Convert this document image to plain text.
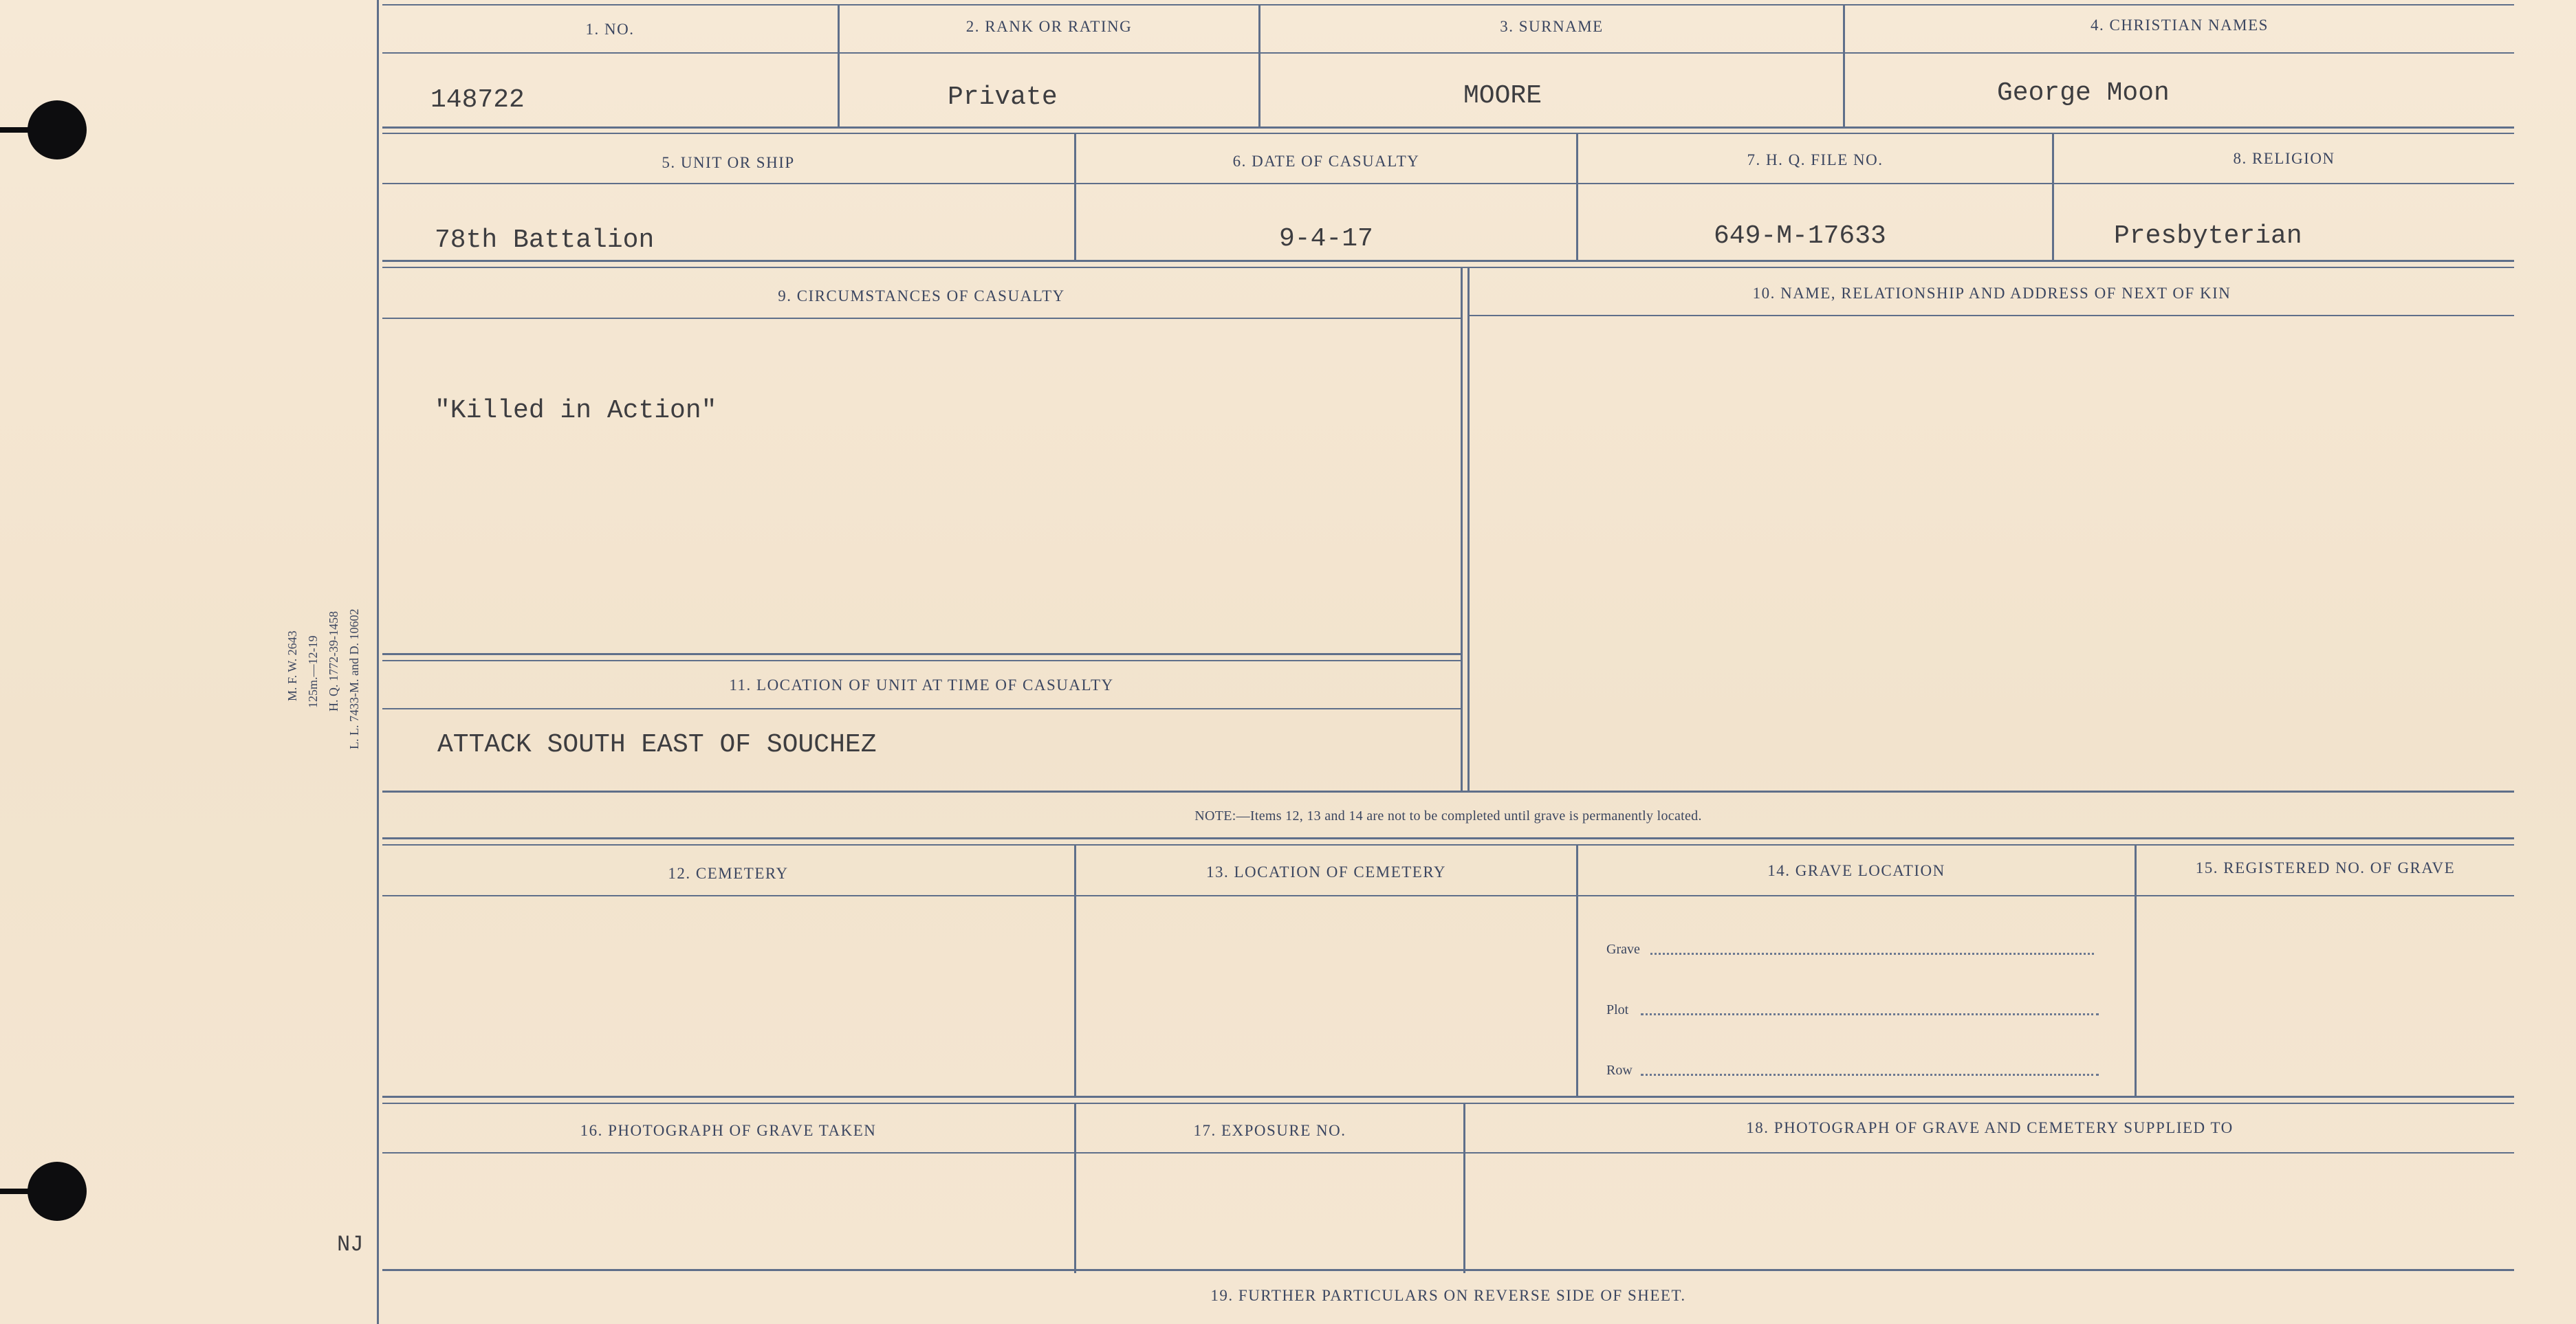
M. F. W. 2643 125m.—12-19 H. Q. 1772-39-1458 L. L. 7433-M. and D. 10602
NJ
1. NO.	2. RANK OR RATING	3. SURNAME	4. CHRISTIAN NAMES
148722	Private	MOORE	George Moon
5. UNIT OR SHIP	6. DATE OF CASUALTY	7. H. Q. FILE NO.	8. RELIGION
78th Battalion	9-4-17	649-M-17633	Presbyterian
9. CIRCUMSTANCES OF CASUALTY	10. NAME, RELATIONSHIP AND ADDRESS OF NEXT OF KIN
"Killed in Action"
11. LOCATION OF UNIT AT TIME OF CASUALTY
ATTACK SOUTH EAST OF SOUCHEZ
NOTE:—Items 12, 13 and 14 are not to be completed until grave is permanently located.
12. CEMETERY	13. LOCATION OF CEMETERY	14. GRAVE LOCATION	15. REGISTERED NO. OF GRAVE
Grave
Plot
Row
16. PHOTOGRAPH OF GRAVE TAKEN	17. EXPOSURE NO.	18. PHOTOGRAPH OF GRAVE AND CEMETERY SUPPLIED TO
19. FURTHER PARTICULARS ON REVERSE SIDE OF SHEET.
